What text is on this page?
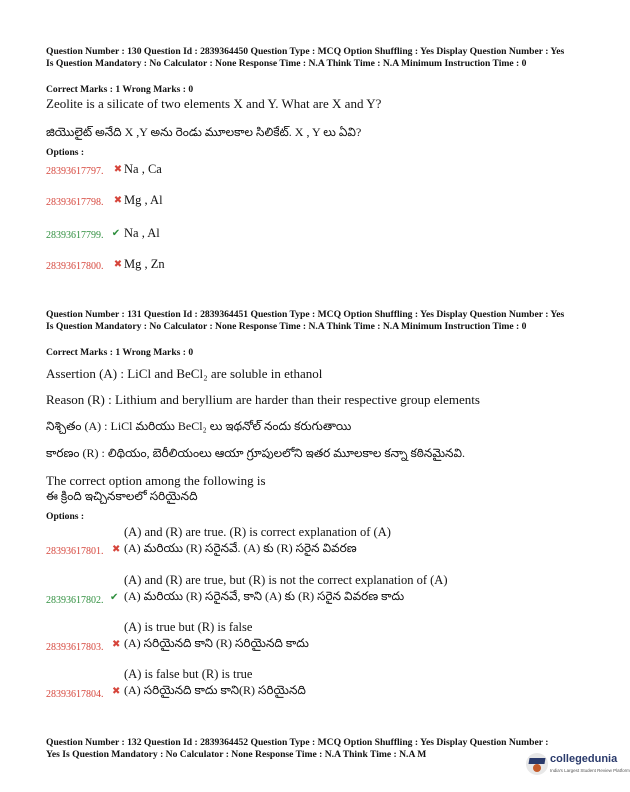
Question Number : 130 Question Id : 2839364450 Question Type : MCQ Option Shuffling : Yes Display Question Number : Yes Is Question Mandatory : No Calculator : None Response Time : N.A Think Time : N.A Minimum Instruction Time : 0
Correct Marks : 1 Wrong Marks : 0
Zeolite is a silicate of two elements X and Y. What are X and Y?
జియొలైట్ అనేది X ,Y అను రెండు మూలకాల సిలికేట్. X , Y లు ఏవి?
Options :
28393617797. ✖ Na , Ca
28393617798. ✖ Mg , Al
28393617799. ✔ Na , Al
28393617800. ✖ Mg , Zn
Question Number : 131 Question Id : 2839364451 Question Type : MCQ Option Shuffling : Yes Display Question Number : Yes Is Question Mandatory : No Calculator : None Response Time : N.A Think Time : N.A Minimum Instruction Time : 0
Correct Marks : 1 Wrong Marks : 0
Assertion (A) : LiCl and BeCl₂ are soluble in ethanol
Reason (R) : Lithium and beryllium are harder than their respective group elements
నిశ్చితం (A) : LiCl మరియు BeCl₂ లు ఇథనోల్ నందు కరుగుతాయి
కారణం (R) : లిథియం, బెరీలియంలు ఆయా గ్రూపులలోని ఇతర మూలకాల కన్నా కఠినమైనవి.
The correct option among the following is
ఈ క్రింది ఇచ్చినకాలలో సరియైనది
Options :
28393617801. ✖
(A) and (R) are true. (R) is correct explanation of (A)
(A) మరియు (R) సరైనవే. (A) కు (R) సరైన వివరణ
28393617802. ✔
(A) and (R) are true, but (R) is not the correct explanation of (A)
(A) మరియు (R) సరైనవే, కాని (A) కు (R) సరైన వివరణ కాదు
28393617803. ✖
(A) is true but (R) is false
(A) సరియైనది కాని (R) సరియైనది కాదు
28393617804. ✖
(A) is false but (R) is true
(A) సరియైనది కాదు కాని(R) సరియైనది
Question Number : 132 Question Id : 2839364452 Question Type : MCQ Option Shuffling : Yes Display Question Number : Yes Is Question Mandatory : No Calculator : None Response Time : N.A Think Time : N.A M	collegedunia
India's Largest Student Review Platform
